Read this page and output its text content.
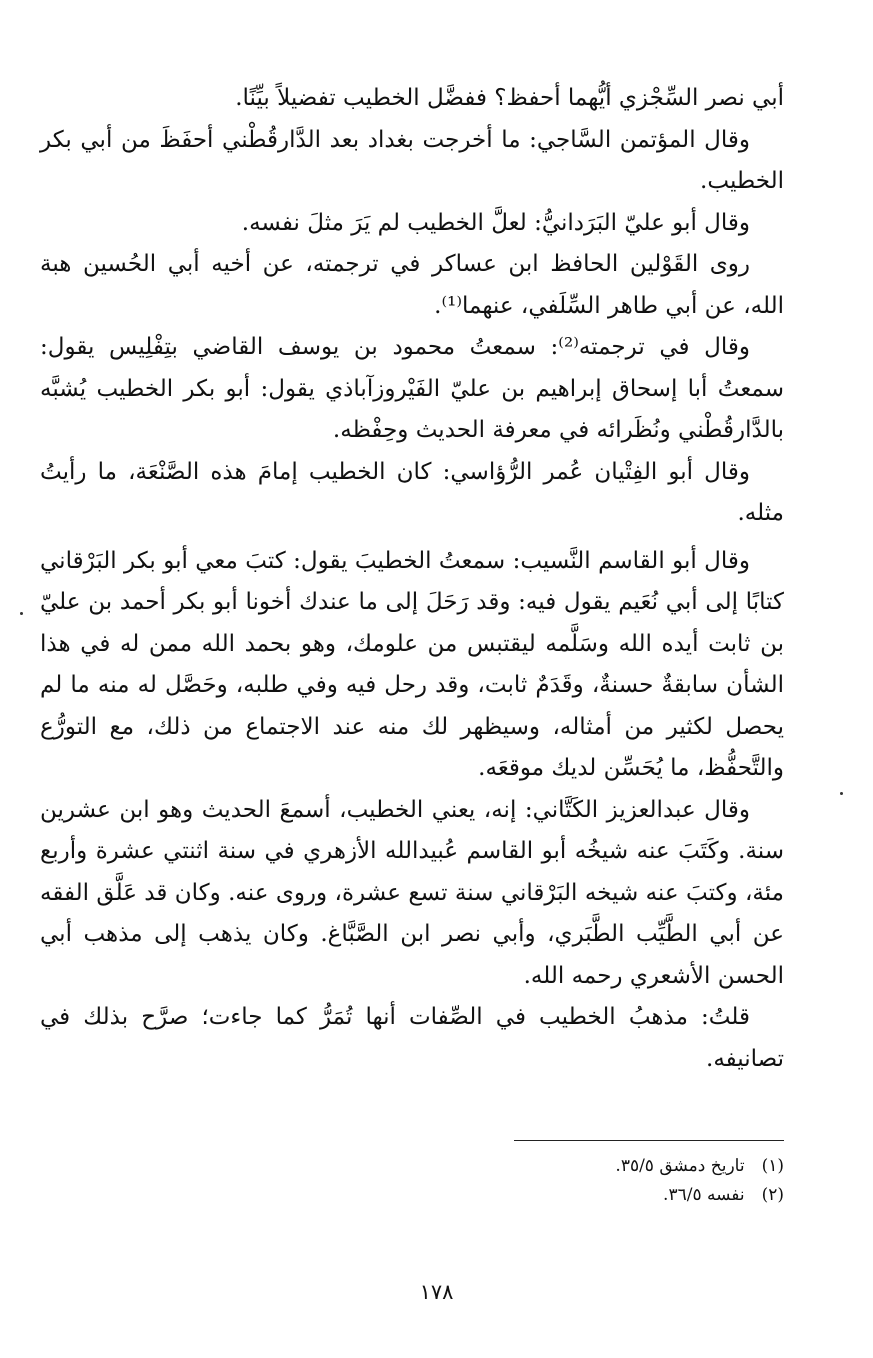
أبي نصر السِّجْزي أيُّهما أحفظ؟ ففضَّل الخطيب تفضيلاً بيِّنًا.

وقال المؤتمن السَّاجي: ما أخرجت بغداد بعد الدَّارقُطْني أحفَظَ من أبي بكر الخطيب.

وقال أبو عليّ البَرَدانيُّ: لعلَّ الخطيب لم يَرَ مثلَ نفسه.

روى القَوْلين الحافظ ابن عساكر في ترجمته، عن أخيه أبي الحُسين هبة الله، عن أبي طاهر السِّلَفي، عنهما⁽¹⁾.

وقال في ترجمته⁽²⁾: سمعتُ محمود بن يوسف القاضي بتِفْلِيس يقول: سمعتُ أبا إسحاق إبراهيم بن عليّ الفَيْروزآباذي يقول: أبو بكر الخطيب يُشبَّه بالدَّارقُطْني ونُظَرائه في معرفة الحديث وحِفْظه.

وقال أبو الفِتْيان عُمر الرُّؤاسي: كان الخطيب إمامَ هذه الصَّنْعَة، ما رأيتُ مثله.

وقال أبو القاسم النَّسيب: سمعتُ الخطيبَ يقول: كتبَ معي أبو بكر البَرْقاني كتابًا إلى أبي نُعَيم يقول فيه: وقد رَحَلَ إلى ما عندك أخونا أبو بكر أحمد بن عليّ بن ثابت أيده الله وسَلَّمه ليقتبس من علومك، وهو بحمد الله ممن له في هذا الشأن سابقةٌ حسنةٌ، وقَدَمٌ ثابت، وقد رحل فيه وفي طلبه، وحَصَّل له منه ما لم يحصل لكثير من أمثاله، وسيظهر لك منه عند الاجتماع من ذلك، مع التورُّع والتَّحفُّظ، ما يُحَسِّن لديك موقعَه.

وقال عبدالعزيز الكَتَّاني: إنه، يعني الخطيب، أسمعَ الحديث وهو ابن عشرين سنة. وكَتَبَ عنه شيخُه أبو القاسم عُبيدالله الأزهري في سنة اثنتي عشرة وأربع مئة، وكتبَ عنه شيخه البَرْقاني سنة تسع عشرة، وروى عنه. وكان قد عَلَّق الفقه عن أبي الطَّيِّب الطَّبَري، وأبي نصر ابن الصَّبَّاغ. وكان يذهب إلى مذهب أبي الحسن الأشعري رحمه الله.

قلتُ: مذهبُ الخطيب في الصِّفات أنها تُمَرُّ كما جاءت؛ صرَّح بذلك في تصانيفه.

(١) تاريخ دمشق ٣٥/٥.

(٢) نفسه ٣٦/٥.

١٧٨
